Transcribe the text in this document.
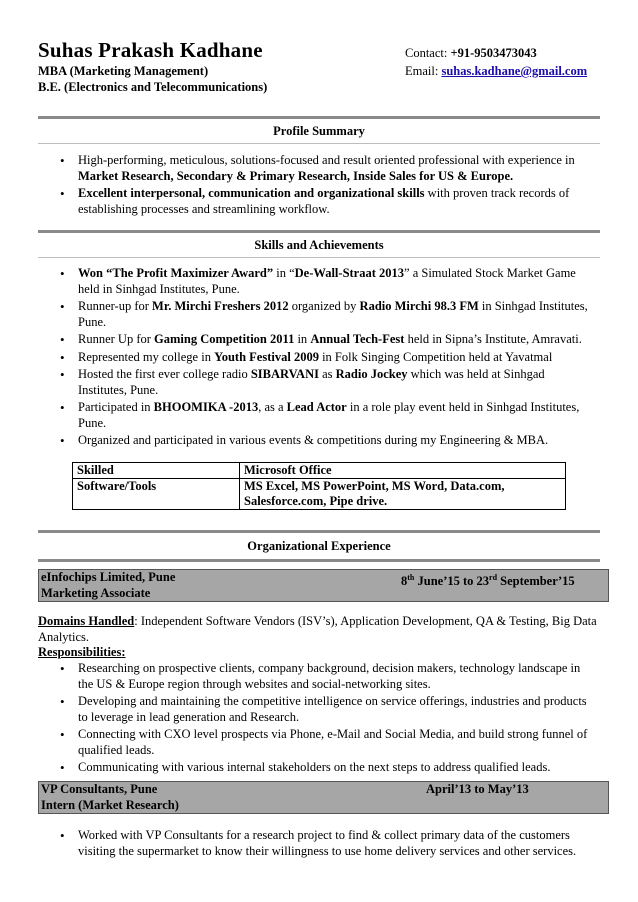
Suhas Prakash Kadhane
MBA (Marketing Management)
B.E. (Electronics and Telecommunications)
Contact: +91-9503473043
Email: suhas.kadhane@gmail.com
Profile Summary
• High-performing, meticulous, solutions-focused and result oriented professional with experience in Market Research, Secondary & Primary Research, Inside Sales for US & Europe.
• Excellent interpersonal, communication and organizational skills with proven track records of establishing processes and streamlining workflow.
Skills and Achievements
• Won “The Profit Maximizer Award” in “De-Wall-Straat 2013” a Simulated Stock Market Game held in Sinhgad Institutes, Pune.
• Runner-up for Mr. Mirchi Freshers 2012 organized by Radio Mirchi 98.3 FM in Sinhgad Institutes, Pune.
• Runner Up for Gaming Competition 2011 in Annual Tech-Fest held in Sipna’s Institute, Amravati.
• Represented my college in Youth Festival 2009 in Folk Singing Competition held at Yavatmal
• Hosted the first ever college radio SIBARVANI as Radio Jockey which was held at Sinhgad Institutes, Pune.
• Participated in BHOOMIKA -2013, as a Lead Actor in a role play event held in Sinhgad Institutes, Pune.
• Organized and participated in various events & competitions during my Engineering & MBA.
Skilled	Microsoft Office
Software/Tools	MS Excel, MS PowerPoint, MS Word, Data.com, Salesforce.com, Pipe drive.
Organizational Experience
eInfochips Limited, Pune	8th June’15 to 23rd September’15
Marketing Associate
Domains Handled: Independent Software Vendors (ISV’s), Application Development, QA & Testing, Big Data Analytics.
Responsibilities:
• Researching on prospective clients, company background, decision makers, technology landscape in the US & Europe region through websites and social-networking sites.
• Developing and maintaining the competitive intelligence on service offerings, industries and products to leverage in lead generation and Research.
• Connecting with CXO level prospects via Phone, e-Mail and Social Media, and build strong funnel of qualified leads.
• Communicating with various internal stakeholders on the next steps to address qualified leads.
VP Consultants, Pune	April’13 to May’13
Intern (Market Research)
• Worked with VP Consultants for a research project to find & collect primary data of the customers visiting the supermarket to know their willingness to use home delivery services and other services.
